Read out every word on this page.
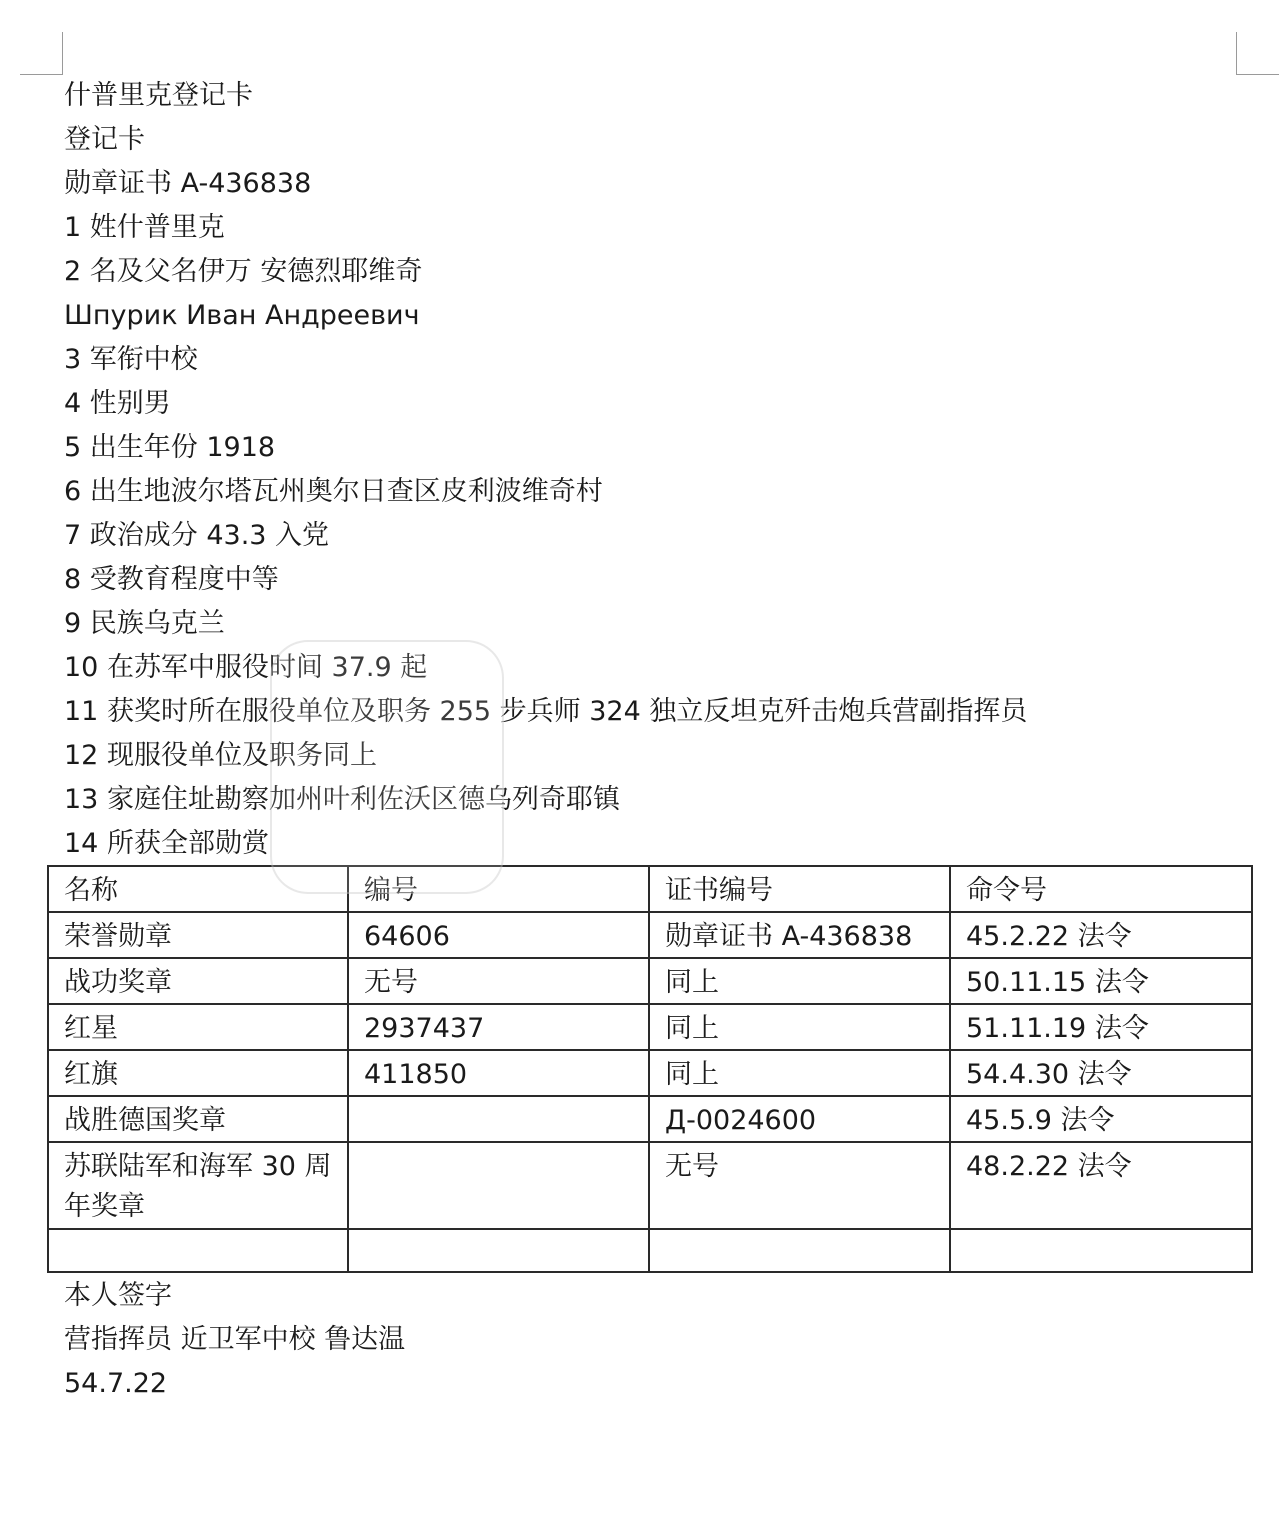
什普里克登记卡
登记卡
勋章证书 A-436838
1 姓什普里克
2 名及父名伊万 安德烈耶维奇
Шпурик Иван Андреевич
3 军衔中校
4 性别男
5 出生年份 1918
6 出生地波尔塔瓦州奥尔日查区皮利波维奇村
7 政治成分 43.3 入党
8 受教育程度中等
9 民族乌克兰
10 在苏军中服役时间 37.9 起
11 获奖时所在服役单位及职务 255 步兵师 324 独立反坦克歼击炮兵营副指挥员
12 现服役单位及职务同上
13 家庭住址勘察加州叶利佐沃区德乌列奇耶镇
14 所获全部勋赏
名称	编号	证书编号	命令号
荣誉勋章	64606	勋章证书 A-436838	45.2.22 法令
战功奖章	无号	同上	50.11.15 法令
红星	2937437	同上	51.11.19 法令
红旗	411850	同上	54.4.30 法令
战胜德国奖章		Д-0024600	45.5.9 法令
苏联陆军和海军 30 周年奖章		无号	48.2.22 法令

本人签字
营指挥员 近卫军中校 鲁达温
54.7.22
